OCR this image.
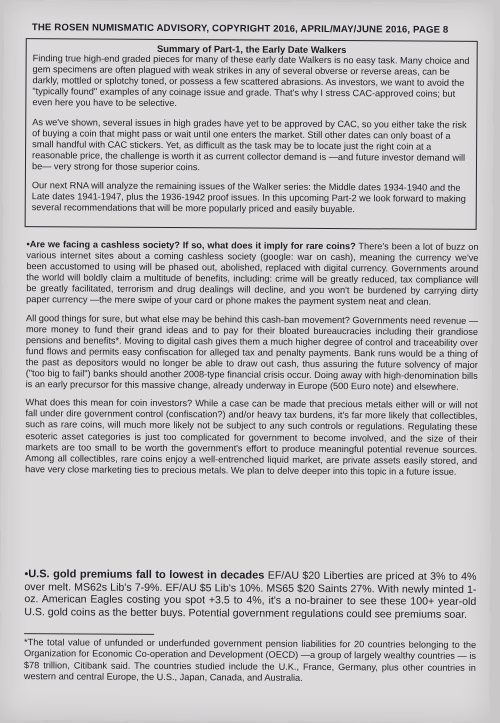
THE ROSEN NUMISMATIC ADVISORY, COPYRIGHT 2016, APRIL/MAY/JUNE 2016, PAGE 8
Summary of Part-1, the Early Date Walkers

Finding true high-end graded pieces for many of these early date Walkers is no easy task. Many choice and gem specimens are often plagued with weak strikes in any of several obverse or reverse areas, can be darkly, mottled or splotchy toned, or possess a few scattered abrasions. As investors, we want to avoid the "typically found" examples of any coinage issue and grade. That's why I stress CAC-approved coins; but even here you have to be selective.

As we've shown, several issues in high grades have yet to be approved by CAC, so you either take the risk of buying a coin that might pass or wait until one enters the market. Still other dates can only boast of a small handful with CAC stickers. Yet, as difficult as the task may be to locate just the right coin at a reasonable price, the challenge is worth it as current collector demand is —and future investor demand will be— very strong for those superior coins.

Our next RNA will analyze the remaining issues of the Walker series: the Middle dates 1934-1940 and the Late dates 1941-1947, plus the 1936-1942 proof issues. In this upcoming Part-2 we look forward to making several recommendations that will be more popularly priced and easily buyable.

•Are we facing a cashless society? If so, what does it imply for rare coins? There's been a lot of buzz on various internet sites about a coming cashless society (google: war on cash), meaning the currency we've been accustomed to using will be phased out, abolished, replaced with digital currency. Governments around the world will boldly claim a multitude of benefits, including: crime will be greatly reduced, tax compliance will be greatly facilitated, terrorism and drug dealings will decline, and you won't be burdened by carrying dirty paper currency —the mere swipe of your card or phone makes the payment system neat and clean.

All good things for sure, but what else may be behind this cash-ban movement? Governments need revenue —more money to fund their grand ideas and to pay for their bloated bureaucracies including their grandiose pensions and benefits*. Moving to digital cash gives them a much higher degree of control and traceability over fund flows and permits easy confiscation for alleged tax and penalty payments. Bank runs would be a thing of the past as depositors would no longer be able to draw out cash, thus assuring the future solvency of major ("too big to fail") banks should another 2008-type financial crisis occur. Doing away with high-denomination bills is an early precursor for this massive change, already underway in Europe (500 Euro note) and elsewhere.

What does this mean for coin investors? While a case can be made that precious metals either will or will not fall under dire government control (confiscation?) and/or heavy tax burdens, it's far more likely that collectibles, such as rare coins, will much more likely not be subject to any such controls or regulations. Regulating these esoteric asset categories is just too complicated for government to become involved, and the size of their markets are too small to be worth the government's effort to produce meaningful potential revenue sources. Among all collectibles, rare coins enjoy a well-entrenched liquid market, are private assets easily stored, and have very close marketing ties to precious metals. We plan to delve deeper into this topic in a future issue.

•U.S. gold premiums fall to lowest in decades EF/AU $20 Liberties are priced at 3% to 4% over melt. MS62s Lib's 7-9%. EF/AU $5 Lib's 10%. MS65 $20 Saints 27%. With newly minted 1-oz. American Eagles costing you spot +3.5 to 4%, it's a no-brainer to see these 100+ year-old U.S. gold coins as the better buys. Potential government regulations could see premiums soar.
*The total value of unfunded or underfunded government pension liabilities for 20 countries belonging to the Organization for Economic Co-operation and Development (OECD) —a group of largely wealthy countries — is $78 trillion, Citibank said. The countries studied include the U.K., France, Germany, plus other countries in western and central Europe, the U.S., Japan, Canada, and Australia.
